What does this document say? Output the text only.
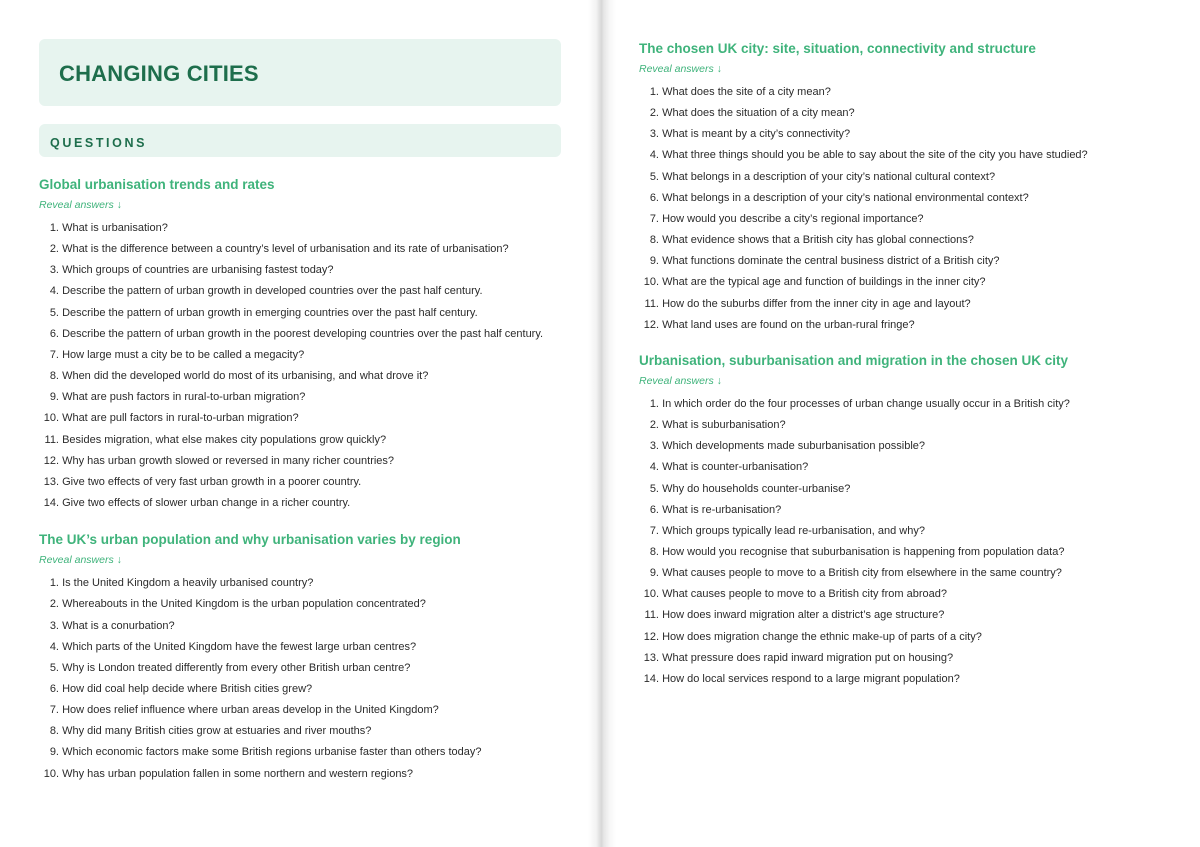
CHANGING CITIES
QUESTIONS
Global urbanisation trends and rates
Reveal answers ↓
1.
What is urbanisation?
2.
What is the difference between a country’s level of urbanisation and its rate of urbanisation?
3.
Which groups of countries are urbanising fastest today?
4.
Describe the pattern of urban growth in developed countries over the past half century.
5.
Describe the pattern of urban growth in emerging countries over the past half century.
6.
Describe the pattern of urban growth in the poorest developing countries over the past half century.
7.
How large must a city be to be called a megacity?
8.
When did the developed world do most of its urbanising, and what drove it?
9.
What are push factors in rural-to-urban migration?
10.
What are pull factors in rural-to-urban migration?
11.
Besides migration, what else makes city populations grow quickly?
12.
Why has urban growth slowed or reversed in many richer countries?
13.
Give two effects of very fast urban growth in a poorer country.
14.
Give two effects of slower urban change in a richer country.
The UK’s urban population and why urbanisation varies by region
Reveal answers ↓
1.
Is the United Kingdom a heavily urbanised country?
2.
Whereabouts in the United Kingdom is the urban population concentrated?
3.
What is a conurbation?
4.
Which parts of the United Kingdom have the fewest large urban centres?
5.
Why is London treated differently from every other British urban centre?
6.
How did coal help decide where British cities grew?
7.
How does relief influence where urban areas develop in the United Kingdom?
8.
Why did many British cities grow at estuaries and river mouths?
9.
Which economic factors make some British regions urbanise faster than others today?
10.
Why has urban population fallen in some northern and western regions?
The chosen UK city: site, situation, connectivity and structure
Reveal answers ↓
1.
What does the site of a city mean?
2.
What does the situation of a city mean?
3.
What is meant by a city’s connectivity?
4.
What three things should you be able to say about the site of the city you have studied?
5.
What belongs in a description of your city’s national cultural context?
6.
What belongs in a description of your city’s national environmental context?
7.
How would you describe a city’s regional importance?
8.
What evidence shows that a British city has global connections?
9.
What functions dominate the central business district of a British city?
10.
What are the typical age and function of buildings in the inner city?
11.
How do the suburbs differ from the inner city in age and layout?
12.
What land uses are found on the urban-rural fringe?
Urbanisation, suburbanisation and migration in the chosen UK city
Reveal answers ↓
1.
In which order do the four processes of urban change usually occur in a British city?
2.
What is suburbanisation?
3.
Which developments made suburbanisation possible?
4.
What is counter-urbanisation?
5.
Why do households counter-urbanise?
6.
What is re-urbanisation?
7.
Which groups typically lead re-urbanisation, and why?
8.
How would you recognise that suburbanisation is happening from population data?
9.
What causes people to move to a British city from elsewhere in the same country?
10.
What causes people to move to a British city from abroad?
11.
How does inward migration alter a district’s age structure?
12.
How does migration change the ethnic make-up of parts of a city?
13.
What pressure does rapid inward migration put on housing?
14.
How do local services respond to a large migrant population?
